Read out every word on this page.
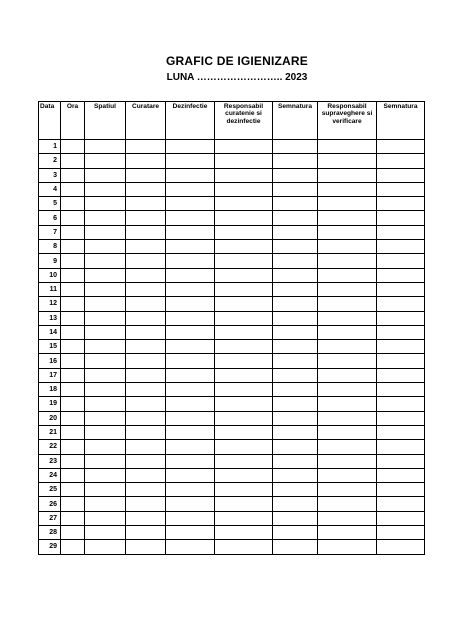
GRAFIC DE IGIENIZARE
LUNA …………………….. 2023
Data	Ora	Spatiul	Curatare	Dezinfectie	Responsabil curatenie si dezinfectie	Semnatura	Responsabil supraveghere si verificare	Semnatura
1								
2								
3								
4								
5								
6								
7								
8								
9								
10								
11								
12								
13								
14								
15								
16								
17								
18								
19								
20								
21								
22								
23								
24								
25								
26								
27								
28								
29								
